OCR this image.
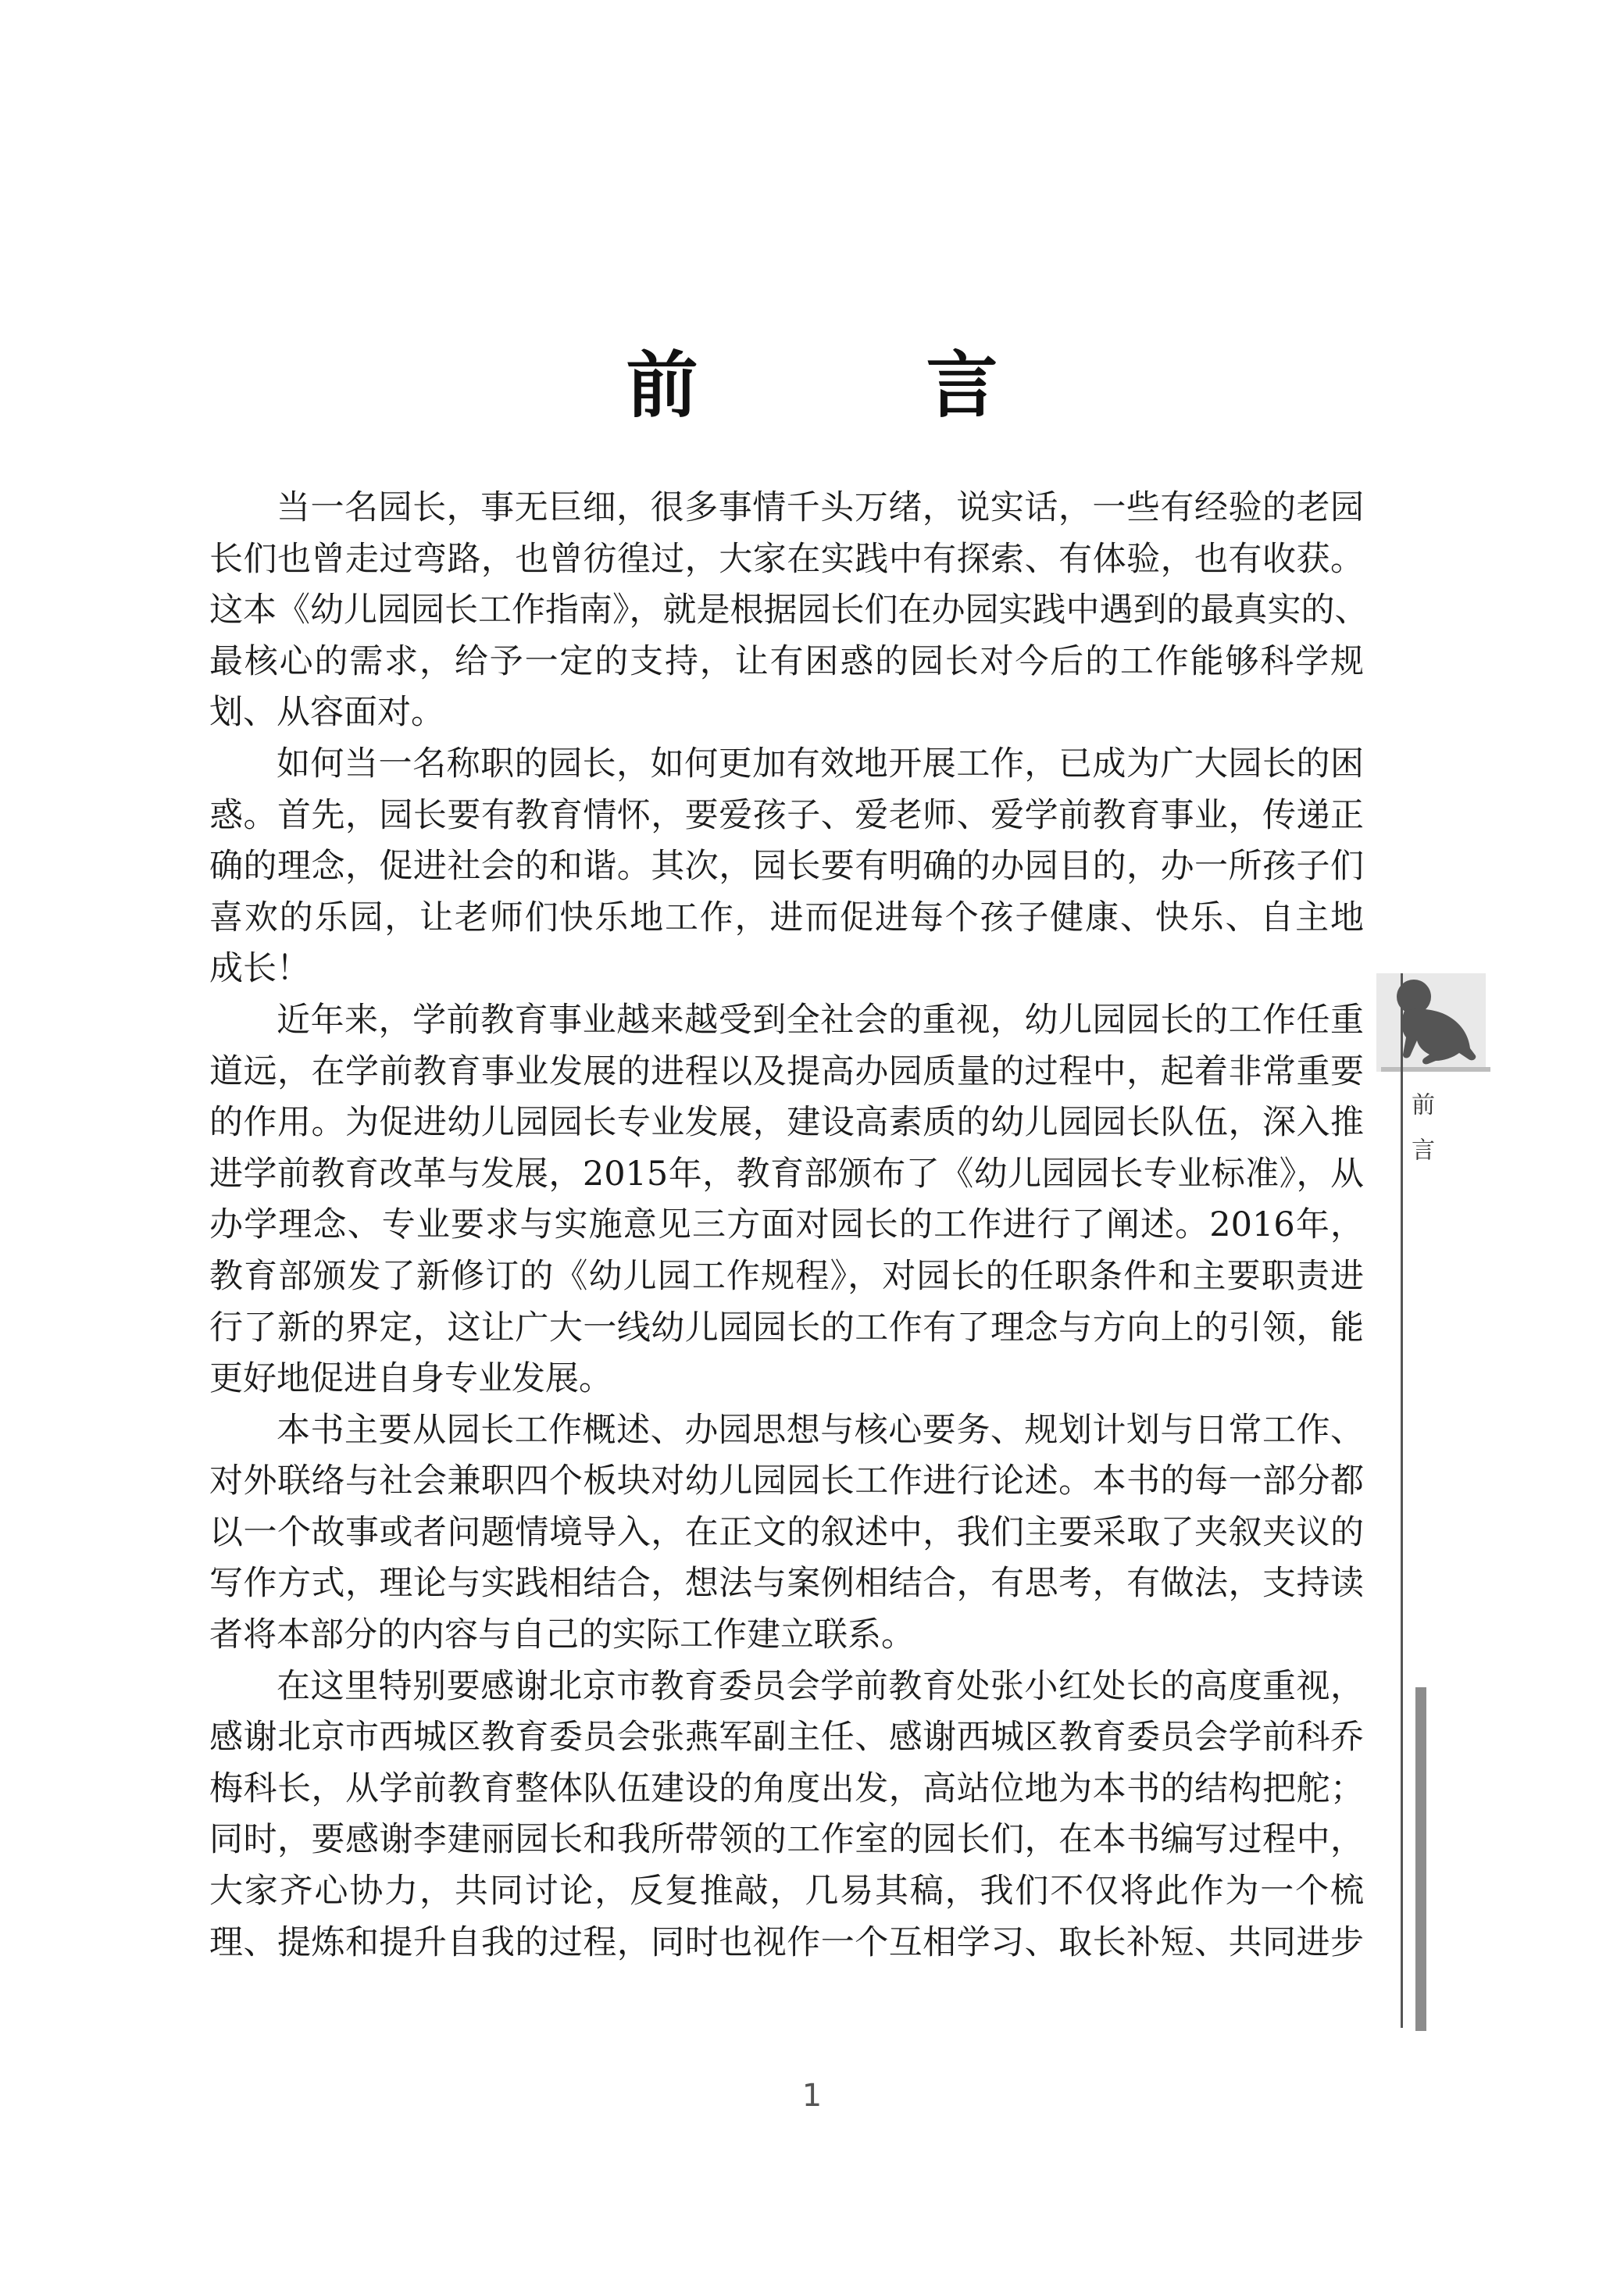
前　言
当一名园长，事无巨细，很多事情千头万绪，说实话，一些有经验的老园
长们也曾走过弯路，也曾彷徨过，大家在实践中有探索、有体验，也有收获。
这本《幼儿园园长工作指南》，就是根据园长们在办园实践中遇到的最真实的、
最核心的需求，给予一定的支持，让有困惑的园长对今后的工作能够科学规
划、从容面对。
如何当一名称职的园长，如何更加有效地开展工作，已成为广大园长的困
惑。首先，园长要有教育情怀，要爱孩子、爱老师、爱学前教育事业，传递正
确的理念，促进社会的和谐。其次，园长要有明确的办园目的，办一所孩子们
喜欢的乐园，让老师们快乐地工作，进而促进每个孩子健康、快乐、自主地
成长！
近年来，学前教育事业越来越受到全社会的重视，幼儿园园长的工作任重
道远，在学前教育事业发展的进程以及提高办园质量的过程中，起着非常重要
的作用。为促进幼儿园园长专业发展，建设高素质的幼儿园园长队伍，深入推
进学前教育改革与发展，2015年，教育部颁布了《幼儿园园长专业标准》，从
办学理念、专业要求与实施意见三方面对园长的工作进行了阐述。2016年，
教育部颁发了新修订的《幼儿园工作规程》，对园长的任职条件和主要职责进
行了新的界定，这让广大一线幼儿园园长的工作有了理念与方向上的引领，能
更好地促进自身专业发展。
本书主要从园长工作概述、办园思想与核心要务、规划计划与日常工作、
对外联络与社会兼职四个板块对幼儿园园长工作进行论述。本书的每一部分都
以一个故事或者问题情境导入，在正文的叙述中，我们主要采取了夹叙夹议的
写作方式，理论与实践相结合，想法与案例相结合，有思考，有做法，支持读
者将本部分的内容与自己的实际工作建立联系。
在这里特别要感谢北京市教育委员会学前教育处张小红处长的高度重视，
感谢北京市西城区教育委员会张燕军副主任、感谢西城区教育委员会学前科乔
梅科长，从学前教育整体队伍建设的角度出发，高站位地为本书的结构把舵；
同时，要感谢李建丽园长和我所带领的工作室的园长们，在本书编写过程中，
大家齐心协力，共同讨论，反复推敲，几易其稿，我们不仅将此作为一个梳
理、提炼和提升自我的过程，同时也视作一个互相学习、取长补短、共同进步
前言
1
